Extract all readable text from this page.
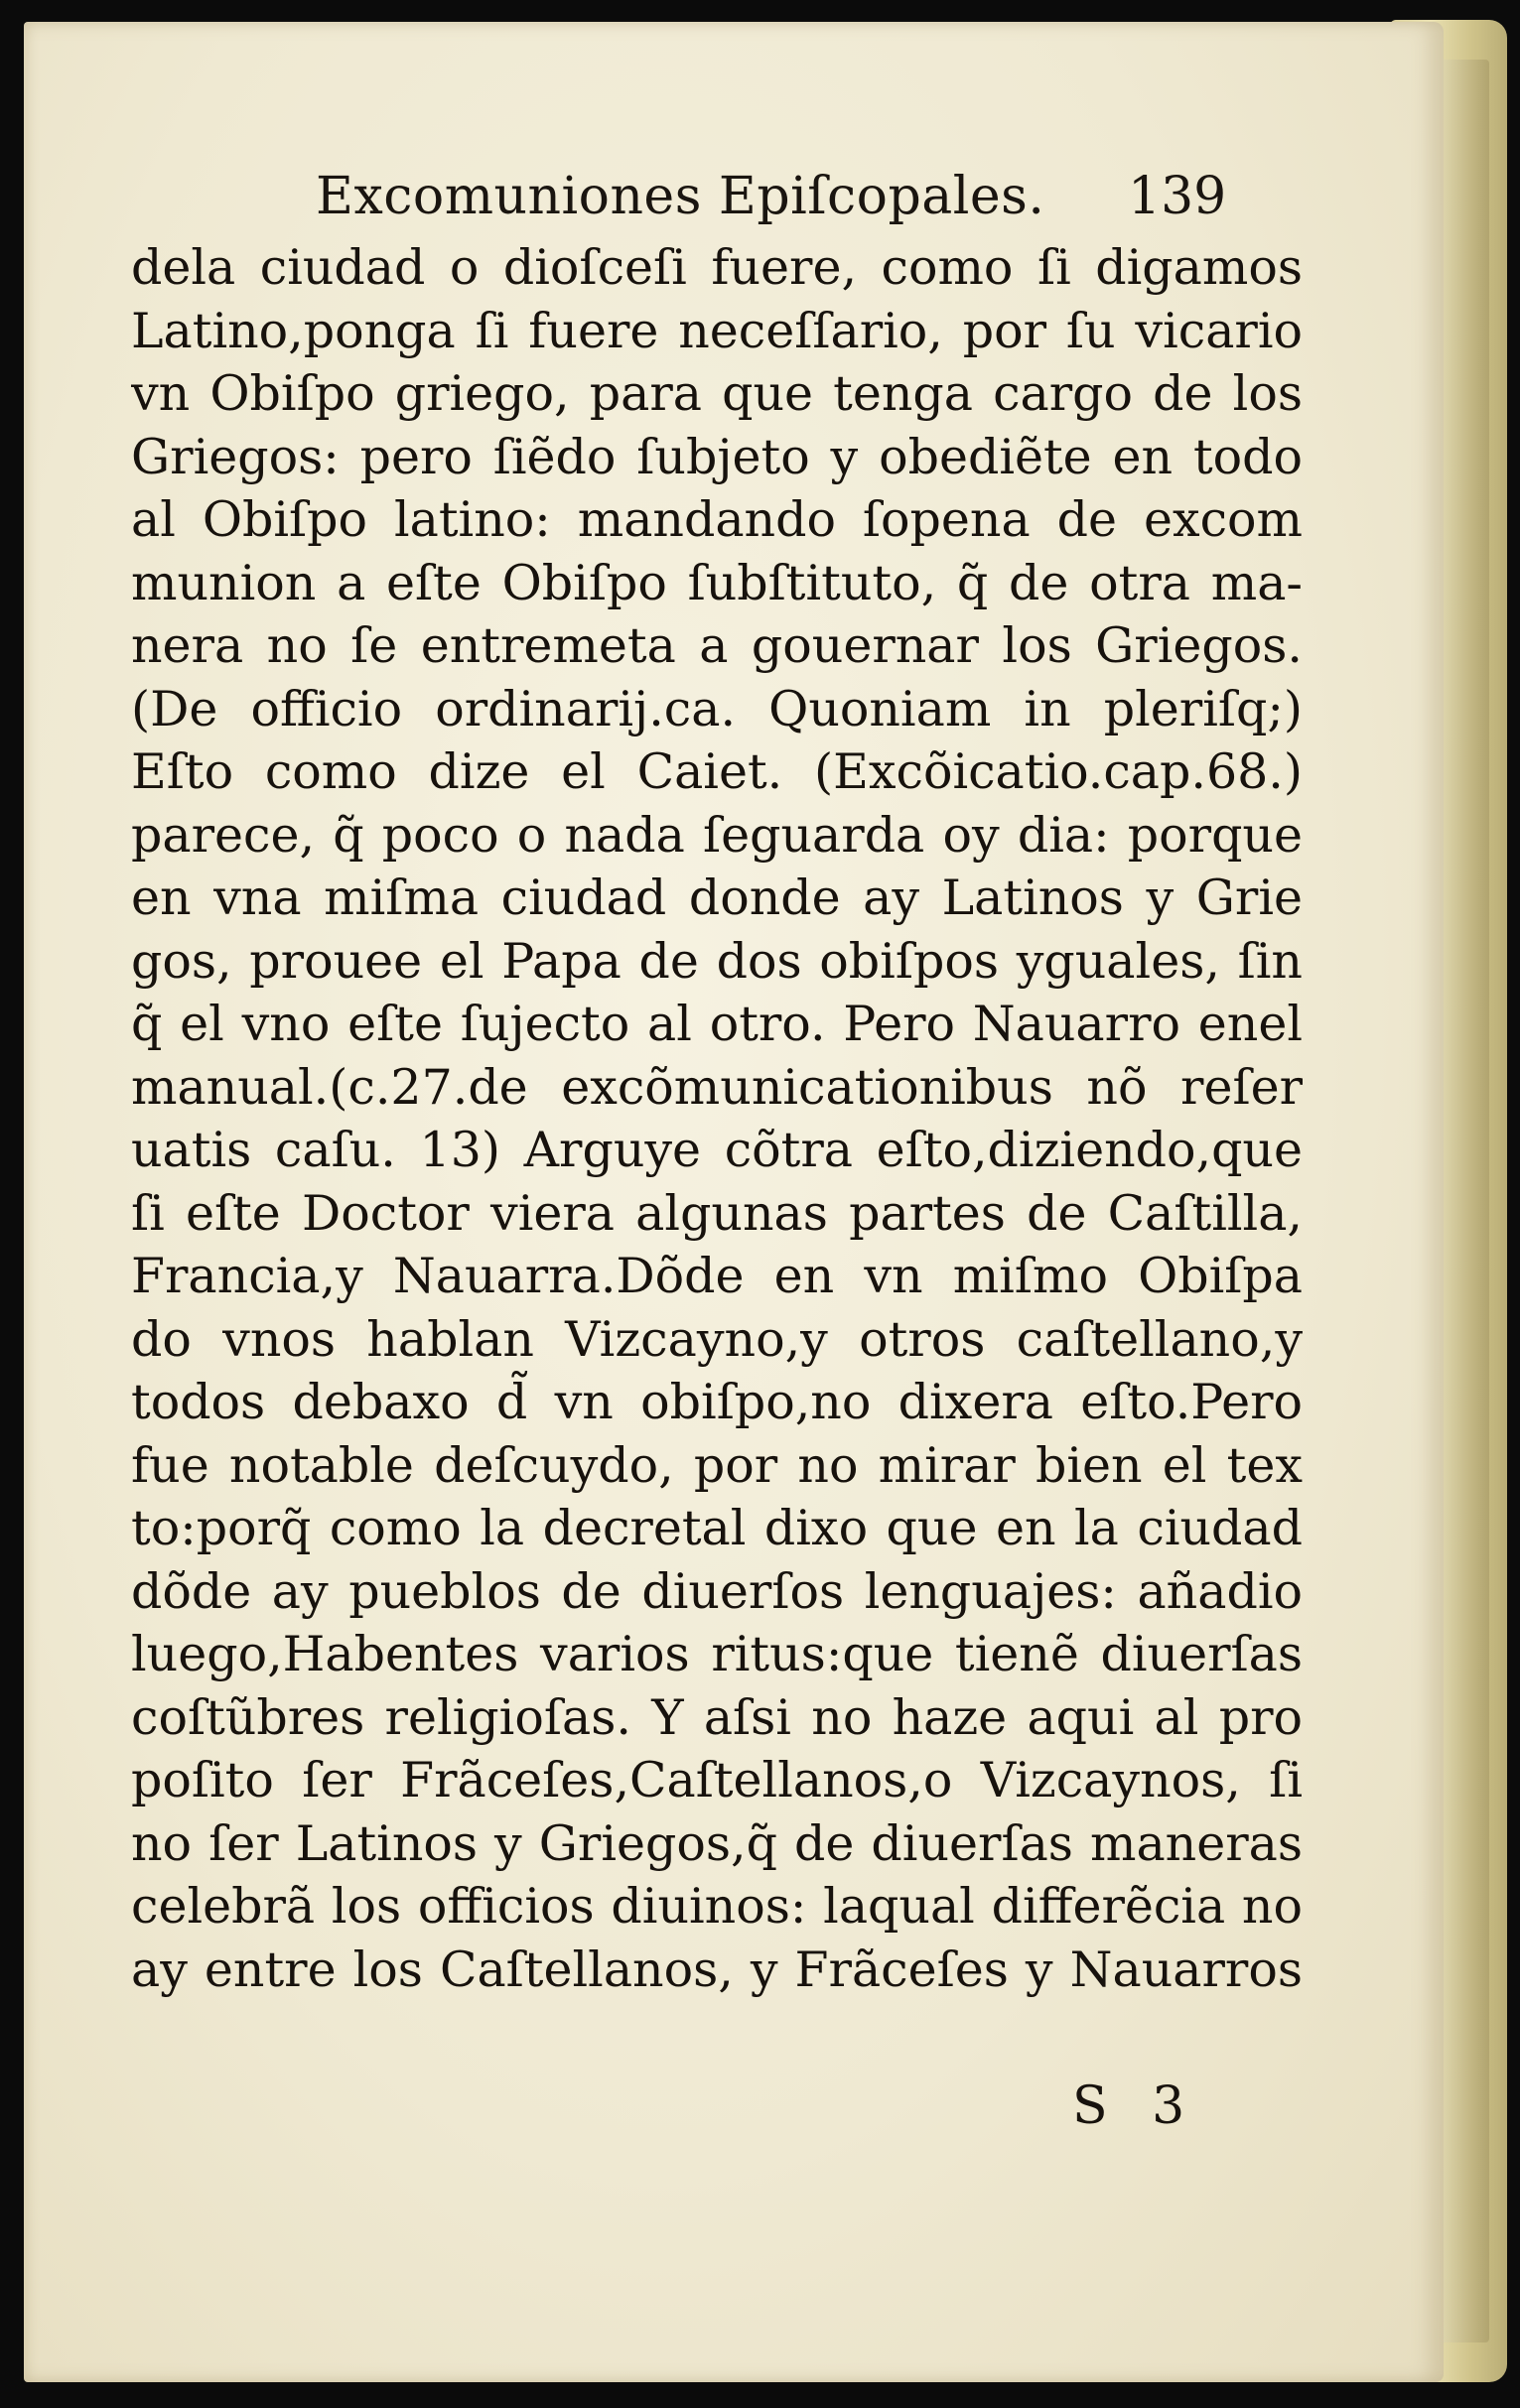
Excomuniones Epiſcopales. 139
dela ciudad o dioſceſi fuere, como ſi digamos
Latino,ponga ſi fuere neceſſario, por ſu vicario
vn Obiſpo griego, para que tenga cargo de los
Griegos: pero ſiẽdo ſubjeto y obediẽte en todo
al Obiſpo latino: mandando ſopena de excom
munion a eſte Obiſpo ſubſtituto, q̃ de otra ma-
nera no ſe entremeta a gouernar los Griegos.
(De officio ordinarij.ca. Quoniam in pleriſq;)
Eſto como dize el Caiet. (Excõicatio.cap.68.)
parece, q̃ poco o nada ſeguarda oy dia: porque
en vna miſma ciudad donde ay Latinos y Grie
gos, prouee el Papa de dos obiſpos yguales, ſin
q̃ el vno eſte ſujecto al otro. Pero Nauarro enel
manual.(c.27.de excõmunicationibus nõ reſer
uatis caſu. 13) Arguye cõtra eſto,diziendo,que
ſi eſte Doctor viera algunas partes de Caſtilla,
Francia,y Nauarra.Dõde en vn miſmo Obiſpa
do vnos hablan Vizcayno,y otros caſtellano,y
todos debaxo d̃ vn obiſpo,no dixera eſto.Pero
fue notable deſcuydo, por no mirar bien el tex
to:porq̃ como la decretal dixo que en la ciudad
dõde ay pueblos de diuerſos lenguajes: añadio
luego,Habentes varios ritus:que tienẽ diuerſas
coſtũbres religioſas. Y aſsi no haze aqui al pro
poſito ſer Frãceſes,Caſtellanos,o Vizcaynos, ſi
no ſer Latinos y Griegos,q̃ de diuerſas maneras
celebrã los officios diuinos: laqual differẽcia no
ay entre los Caſtellanos, y Frãceſes y Nauarros
S 3
